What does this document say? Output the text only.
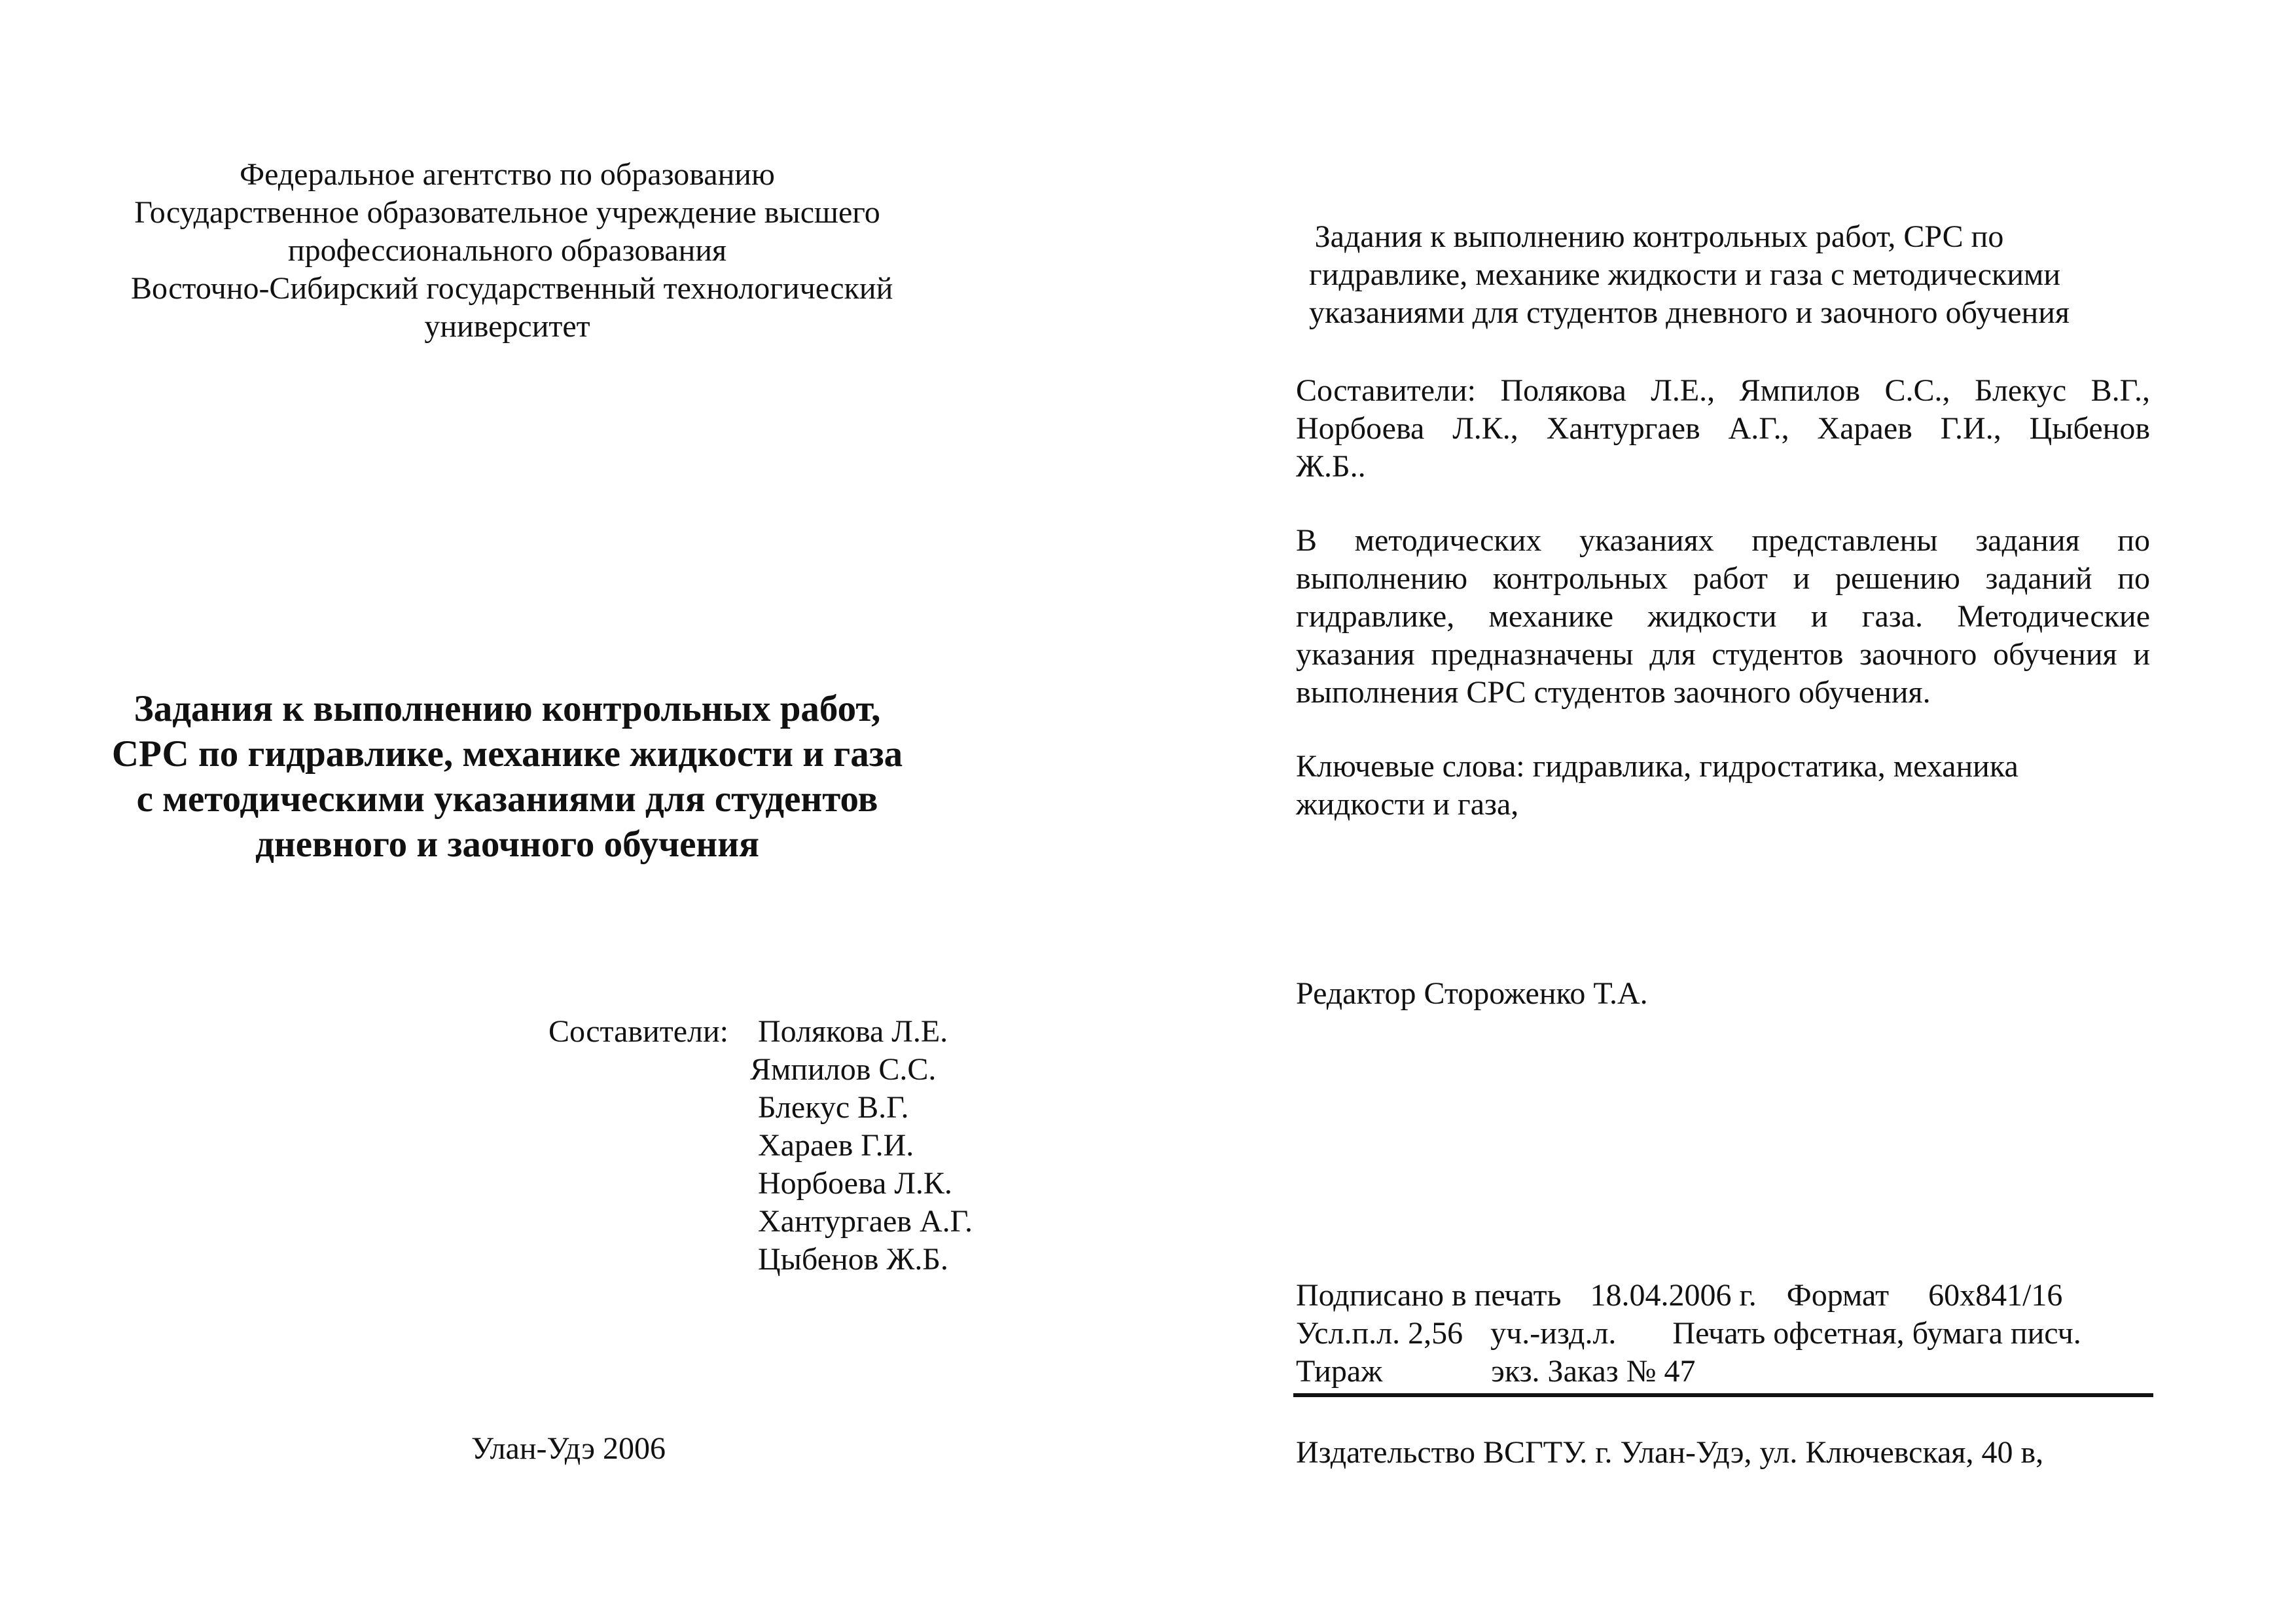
Федеральное агентство по образованию
Государственное образовательное учреждение высшего
профессионального образования
Восточно-Сибирский государственный технологический
университет
Задания к выполнению контрольных работ,
СРС по гидравлике, механике жидкости и газа
с методическими указаниями для студентов
дневного и заочного обучения
Составители: Полякова Л.Е.
Ямпилов С.С.
Блекус В.Г.
Хараев Г.И.
Норбоева Л.К.
Хантургаев А.Г.
Цыбенов Ж.Б.
Улан-Удэ 2006
Задания к выполнению контрольных работ, СРС по
гидравлике, механике жидкости и газа с методическими
указаниями для студентов дневного и заочного обучения
Составители: Полякова Л.Е., Ямпилов С.С., Блекус В.Г.,
Норбоева Л.К., Хантургаев А.Г., Хараев Г.И., Цыбенов
Ж.Б..
В методических указаниях представлены задания по
выполнению контрольных работ и решению заданий по
гидравлике, механике жидкости и газа. Методические
указания предназначены для студентов заочного обучения и
выполнения СРС студентов заочного обучения.
Ключевые слова: гидравлика, гидростатика, механика
жидкости и газа,
Редактор Стороженко Т.А.
Подписано в печать 18.04.2006 г. Формат 60х841/16
Усл.п.л. 2,56 уч.-изд.л. Печать офсетная, бумага писч.
Тираж	экз. Заказ № 47
Издательство ВСГТУ. г. Улан-Удэ, ул. Ключевская, 40 в,
